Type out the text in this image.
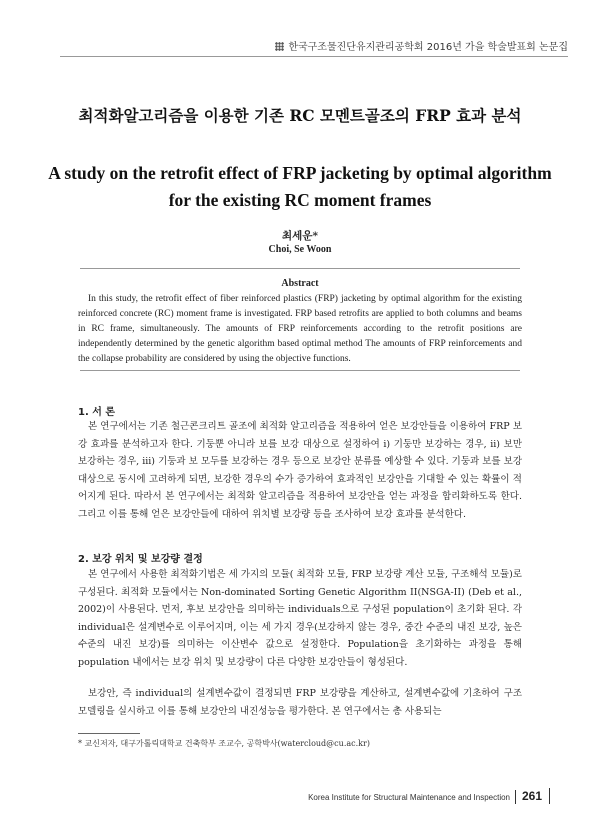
한국구조물진단유지관리공학회 2016년 가을 학술발표회 논문집
최적화알고리즘을 이용한 기존 RC 모멘트골조의 FRP 효과 분석
A study on the retrofit effect of FRP jacketing by optimal algorithm for the existing RC moment frames
최세운*
Choi, Se Woon
Abstract
In this study, the retrofit effect of fiber reinforced plastics (FRP) jacketing by optimal algorithm for the existing reinforced concrete (RC) moment frame is investigated. FRP based retrofits are applied to both columns and beams in RC frame, simultaneously. The amounts of FRP reinforcements according to the retrofit positions are independently determined by the genetic algorithm based optimal method The amounts of FRP reinforcements and the collapse probability are considered by using the objective functions.
1. 서 론
본 연구에서는 기존 철근콘크리트 골조에 최적화 알고리즘을 적용하여 얻은 보강안들을 이용하여 FRP 보강 효과를 분석하고자 한다. 기둥뿐 아니라 보를 보강 대상으로 설정하여 i) 기둥만 보강하는 경우, ii) 보만 보강하는 경우, iii) 기둥과 보 모두를 보강하는 경우 등으로 보강안 분류를 예상할 수 있다. 기둥과 보를 보강 대상으로 동시에 고려하게 되면, 보강한 경우의 수가 증가하여 효과적인 보강안을 기대할 수 있는 확률이 적어지게 된다. 따라서 본 연구에서는 최적화 알고리즘을 적용하여 보강안을 얻는 과정을 합리화하도록 한다. 그리고 이를 통해 얻은 보강안들에 대하여 위치별 보강량 등을 조사하여 보강 효과를 분석한다.
2. 보강 위치 및 보강량 결정
본 연구에서 사용한 최적화기법은 세 가지의 모듈( 최적화 모듈, FRP 보강량 계산 모듈, 구조해석 모듈)로 구성된다. 최적화 모듈에서는 Non-dominated Sorting Genetic Algorithm II(NSGA-II) (Deb et al., 2002)이 사용된다. 먼저, 후보 보강안을 의미하는 individuals으로 구성된 population이 초기화 된다. 각 individual은 설계변수로 이루어지며, 이는 세 가지 경우(보강하지 않는 경우, 중간 수준의 내진 보강, 높은 수준의 내진 보강)를 의미하는 이산변수 값으로 설정한다. Population을 초기화하는 과정을 통해 population 내에서는 보강 위치 및 보강량이 다른 다양한 보강안들이 형성된다.
보강안, 즉 individual의 설계변수값이 결정되면 FRP 보강량을 계산하고, 설계변수값에 기초하여 구조모델링을 실시하고 이를 통해 보강안의 내진성능을 평가한다. 본 연구에서는 총 사용되는
* 교신저자, 대구가톨릭대학교 건축학부 조교수, 공학박사(watercloud@cu.ac.kr)
Korea Institute for Structural Maintenance and Inspection 261
